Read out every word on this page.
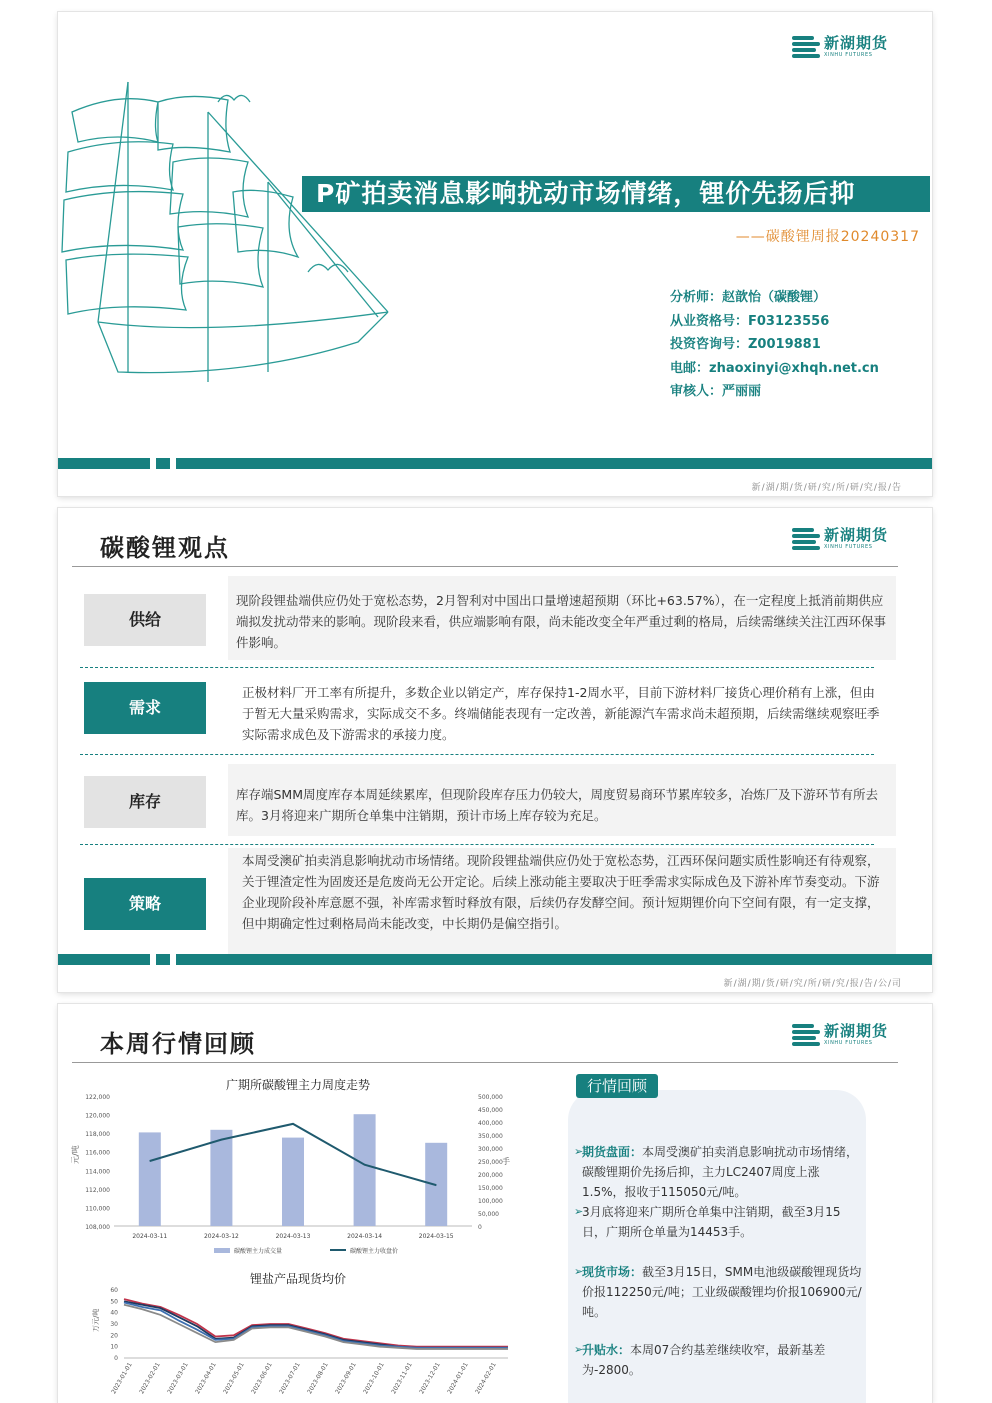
新湖期货
XINHU FUTURES
P矿拍卖消息影响扰动市场情绪，锂价先扬后抑
——碳酸锂周报20240317
分析师：赵歆怡（碳酸锂）
从业资格号：F03123556
投资咨询号：Z0019881
电邮：zhaoxinyi@xhqh.net.cn
审核人：严丽丽
新/湖/期/货/研/究/所/研/究/报/告
碳酸锂观点	新湖期货
XINHU FUTURES
供给
现阶段锂盐端供应仍处于宽松态势，2月智利对中国出口量增速超预期（环比+63.57%），在一定程度上抵消前期供应端拟发扰动带来的影响。现阶段来看，供应端影响有限，尚未能改变全年严重过剩的格局，后续需继续关注江西环保事件影响。
需求
正极材料厂开工率有所提升，多数企业以销定产，库存保持1-2周水平，目前下游材料厂接货心理价稍有上涨，但由于暂无大量采购需求，实际成交不多。终端储能表现有一定改善，新能源汽车需求尚未超预期，后续需继续观察旺季实际需求成色及下游需求的承接力度。
库存	库存端SMM周度库存本周延续累库，但现阶段库存压力仍较大，周度贸易商环节累库较多，冶炼厂及下游环节有所去库。3月将迎来广期所仓单集中注销期，预计市场上库存较为充足。
策略
本周受澳矿拍卖消息影响扰动市场情绪。现阶段锂盐端供应仍处于宽松态势，江西环保问题实质性影响还有待观察，关于锂渣定性为固废还是危废尚无公开定论。后续上涨动能主要取决于旺季需求实际成色及下游补库节奏变动。下游企业现阶段补库意愿不强，补库需求暂时释放有限，后续仍存发酵空间。预计短期锂价向下空间有限，有一定支撑，但中期确定性过剩格局尚未能改变，中长期仍是偏空指引。
新/湖/期/货/研/究/所/研/究/报/告/公/司
本周行情回顾	新湖期货
XINHU FUTURES
广期所碳酸锂主力周度走势
122,000
120,000
118,000
116,000
114,000
112,000
110,000
108,000
500,000
450,000
400,000
350,000
300,000
250,000
200,000
150,000
100,000
50,000
0
元/吨	手
2024-03-11	2024-03-12	2024-03-13	2024-03-14	2024-03-15
碳酸锂主力成交量	碳酸锂主力收盘价
锂盐产品现货均价
60
50
40
30
20
10
0
万元/吨
2023-01-01 2023-02-01 2023-03-01 2023-04-01 2023-05-01 2023-06-01 2023-07-01 2023-08-01 2023-09-01 2023-10-01 2023-11-01 2023-12-01 2024-01-01 2024-02-01
行情回顾
➢
期货盘面：本周受澳矿拍卖消息影响扰动市场情绪，碳酸锂期价先扬后抑，主力LC2407周度上涨1.5%，报收于115050元/吨。
➢
3月底将迎来广期所仓单集中注销期，截至3月15日，广期所仓单量为14453手。
➢
现货市场：截至3月15日，SMM电池级碳酸锂现货均价报112250元/吨；工业级碳酸锂均价报106900元/吨。
➢
升贴水：本周07合约基差继续收窄，最新基差为-2800。
